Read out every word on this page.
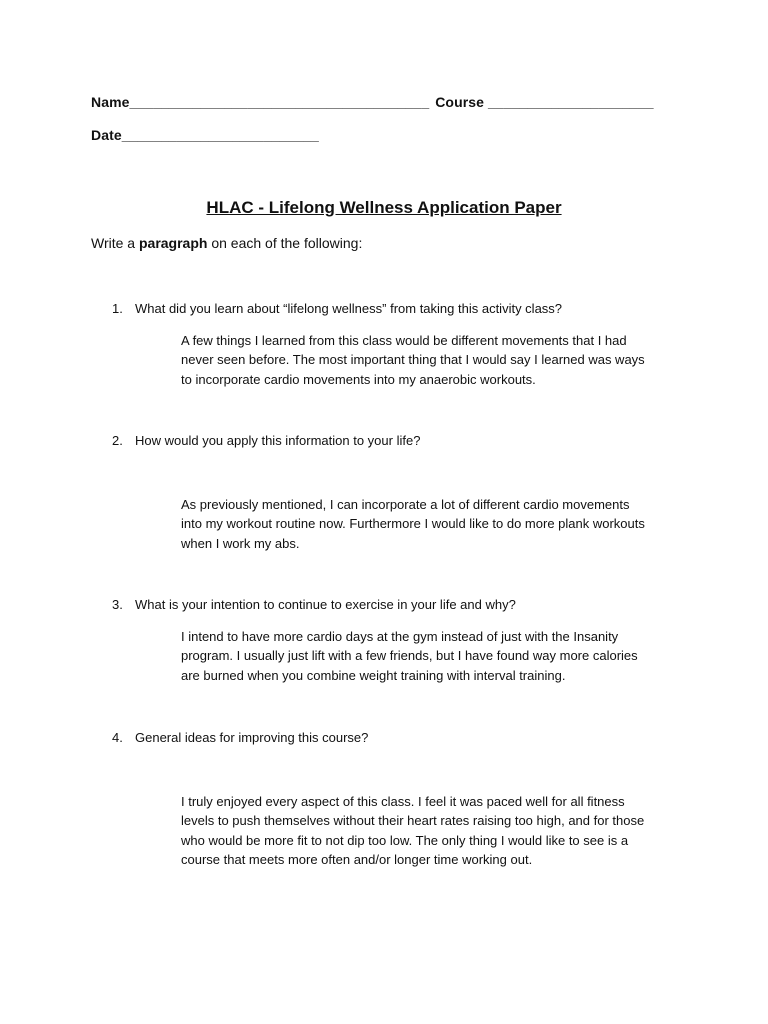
Name______________________________________ Course _____________________
Date_________________________
HLAC - Lifelong Wellness Application Paper
Write a paragraph on each of the following:
1. What did you learn about “lifelong wellness” from taking this activity class?
A few things I learned from this class would be different movements that I had
never seen before. The most important thing that I would say I learned was ways
to incorporate cardio movements into my anaerobic workouts.
2. How would you apply this information to your life?
As previously mentioned, I can incorporate a lot of different cardio movements
into my workout routine now. Furthermore I would like to do more plank workouts
when I work my abs.
3. What is your intention to continue to exercise in your life and why?
I intend to have more cardio days at the gym instead of just with the Insanity
program. I usually just lift with a few friends, but I have found way more calories
are burned when you combine weight training with interval training.
4. General ideas for improving this course?
I truly enjoyed every aspect of this class. I feel it was paced well for all fitness
levels to push themselves without their heart rates raising too high, and for those
who would be more fit to not dip too low. The only thing I would like to see is a
course that meets more often and/or longer time working out.
